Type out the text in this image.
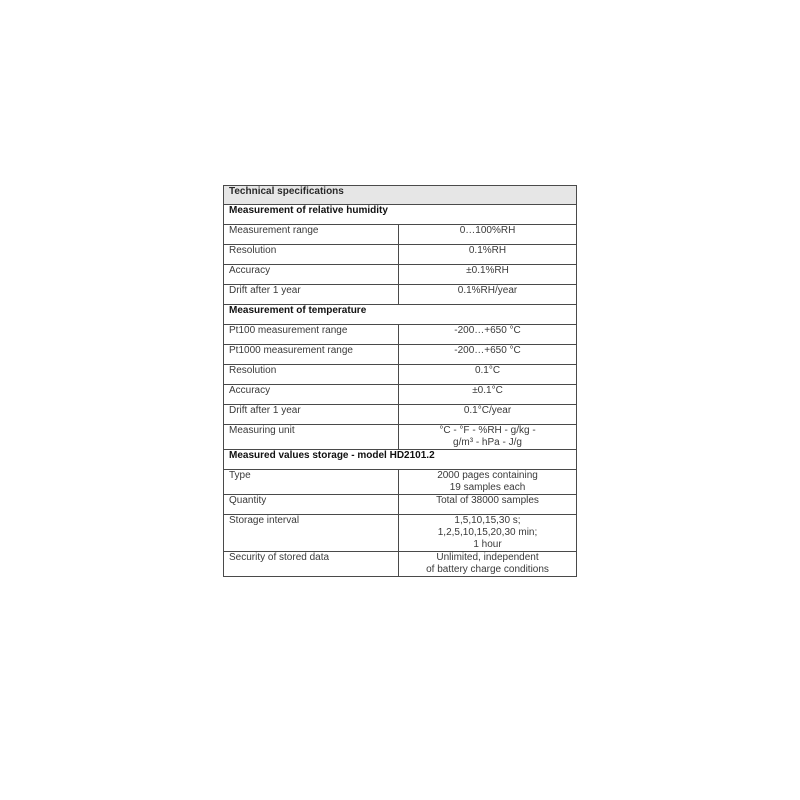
Technical specifications	
Measurement of relative humidity	
Measurement range	0…100%RH
Resolution	0.1%RH
Accuracy	±0.1%RH
Drift after 1 year	0.1%RH/year
Measurement of temperature	
Pt100 measurement range	-200…+650 °C
Pt1000 measurement range	-200…+650 °C
Resolution	0.1°C
Accuracy	±0.1°C
Drift after 1 year	0.1°C/year
Measuring unit	°C - °F - %RH - g/kg -
g/m³ - hPa - J/g

Measured values storage - model HD2101.2	
Type	2000 pages containing
19 samples each

Quantity	Total of 38000 samples
Storage interval	1,5,10,15,30 s;
1,2,5,10,15,20,30 min;
1 hour

Security of stored data	Unlimited, independent
of battery charge conditions
